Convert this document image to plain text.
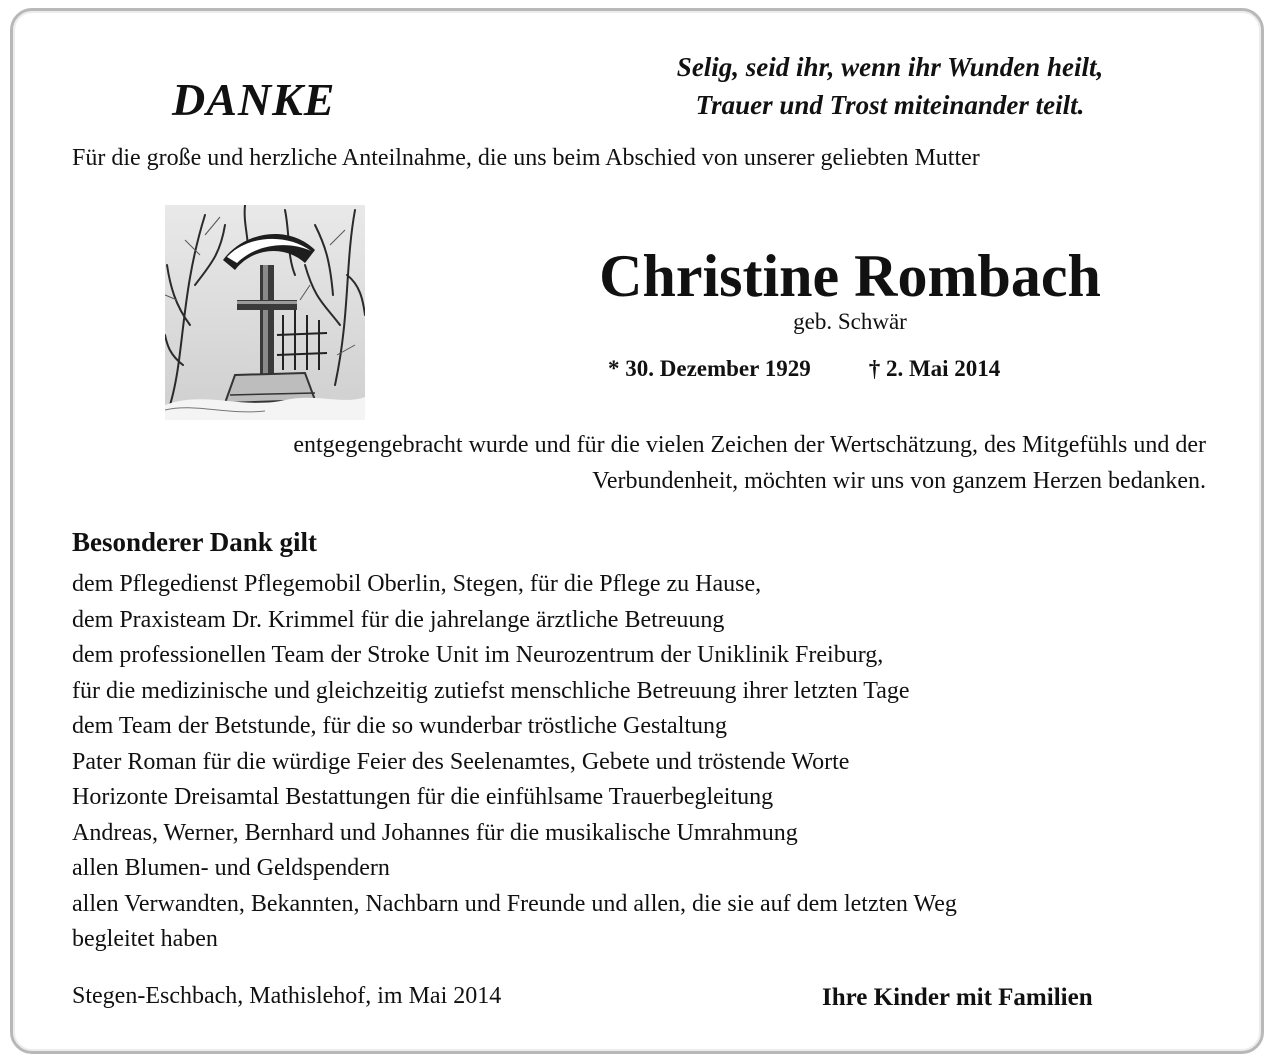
DANKE
Selig, seid ihr, wenn ihr Wunden heilt,
Trauer und Trost miteinander teilt.
Für die große und herzliche Anteilnahme, die uns beim Abschied von unserer geliebten Mutter
Christine Rombach
geb. Schwär
* 30. Dezember 1929	† 2. Mai 2014
entgegengebracht wurde und für die vielen Zeichen der Wertschätzung, des Mitgefühls und der
Verbundenheit, möchten wir uns von ganzem Herzen bedanken.
Besonderer Dank gilt
dem Pflegedienst Pflegemobil Oberlin, Stegen, für die Pflege zu Hause,
dem Praxisteam Dr. Krimmel für die jahrelange ärztliche Betreuung
dem professionellen Team der Stroke Unit im Neurozentrum der Uniklinik Freiburg,
für die medizinische und gleichzeitig zutiefst menschliche Betreuung ihrer letzten Tage
dem Team der Betstunde, für die so wunderbar tröstliche Gestaltung
Pater Roman für die würdige Feier des Seelenamtes, Gebete und tröstende Worte
Horizonte Dreisamtal Bestattungen für die einfühlsame Trauerbegleitung
Andreas, Werner, Bernhard und Johannes für die musikalische Umrahmung
allen Blumen- und Geldspendern
allen Verwandten, Bekannten, Nachbarn und Freunde und allen, die sie auf dem letzten Weg
begleitet haben
Stegen-Eschbach, Mathislehof, im Mai 2014	Ihre Kinder mit Familien
